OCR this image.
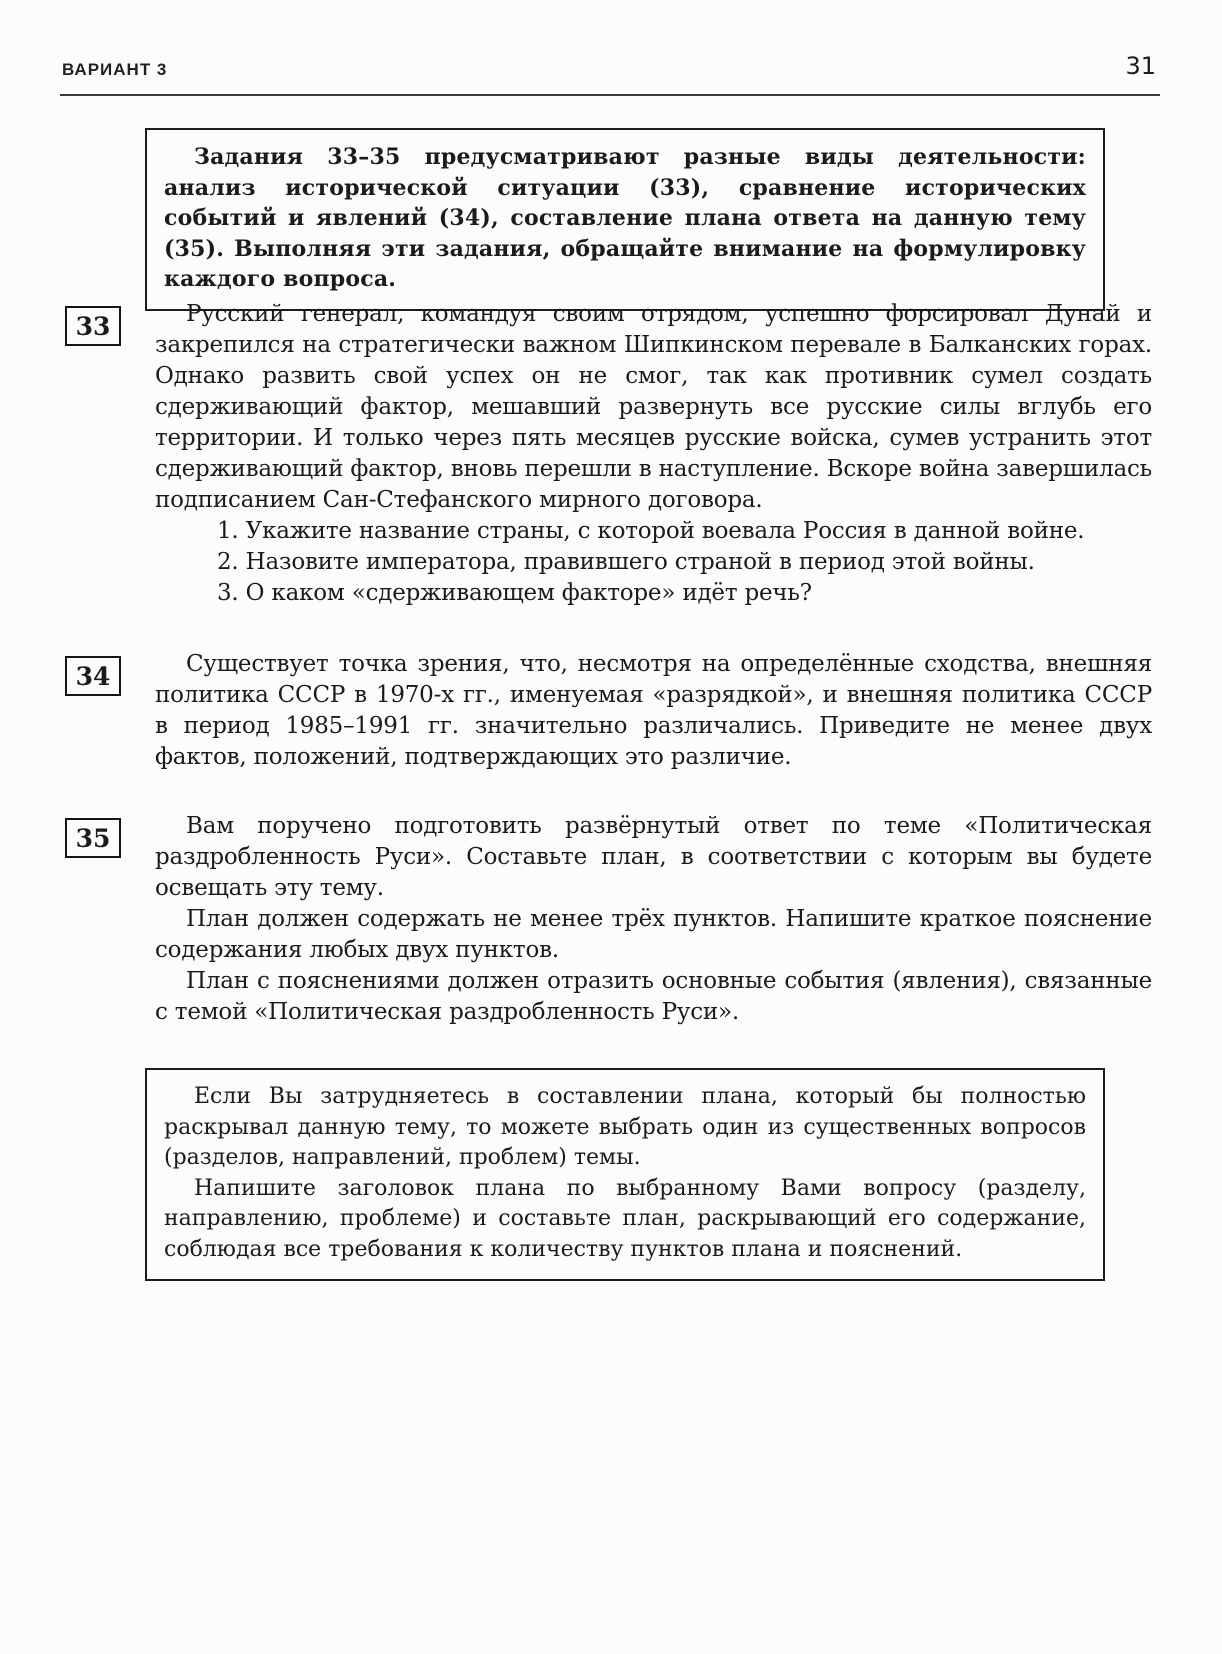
ВАРИАНТ 3	31

Задания 33–35 предусматривают разные виды деятельности: анализ исторической ситуации (33), сравнение исторических событий и явлений (34), составление плана ответа на данную тему (35). Выполняя эти задания, обращайте внимание на формулировку каждого вопроса.

33	Русский генерал, командуя своим отрядом, успешно форсировал Дунай и закрепился на стратегически важном Шипкинском перевале в Балканских горах. Однако развить свой успех он не смог, так как противник сумел создать сдерживающий фактор, мешавший развернуть все русские силы вглубь его территории. И только через пять месяцев русские войска, сумев устранить этот сдерживающий фактор, вновь перешли в наступление. Вскоре война завершилась подписанием Сан-Стефанского мирного договора.

1. Укажите название страны, с которой воевала Россия в данной войне.

2. Назовите императора, правившего страной в период этой войны.

3. О каком «сдерживающем факторе» идёт речь?

34	Существует точка зрения, что, несмотря на определённые сходства, внешняя политика СССР в 1970-х гг., именуемая «разрядкой», и внешняя политика СССР в период 1985–1991 гг. значительно различались. Приведите не менее двух фактов, положений, подтверждающих это различие.

35	Вам поручено подготовить развёрнутый ответ по теме «Политическая раздробленность Руси». Составьте план, в соответствии с которым вы будете освещать эту тему.

План должен содержать не менее трёх пунктов. Напишите краткое пояснение содержания любых двух пунктов.

План с пояснениями должен отразить основные события (явления), связанные с темой «Политическая раздробленность Руси».

Если Вы затрудняетесь в составлении плана, который бы полностью раскрывал данную тему, то можете выбрать один из существенных вопросов (разделов, направлений, проблем) темы.

Напишите заголовок плана по выбранному Вами вопросу (разделу, направлению, проблеме) и составьте план, раскрывающий его содержание, соблюдая все требования к количеству пунктов плана и пояснений.
